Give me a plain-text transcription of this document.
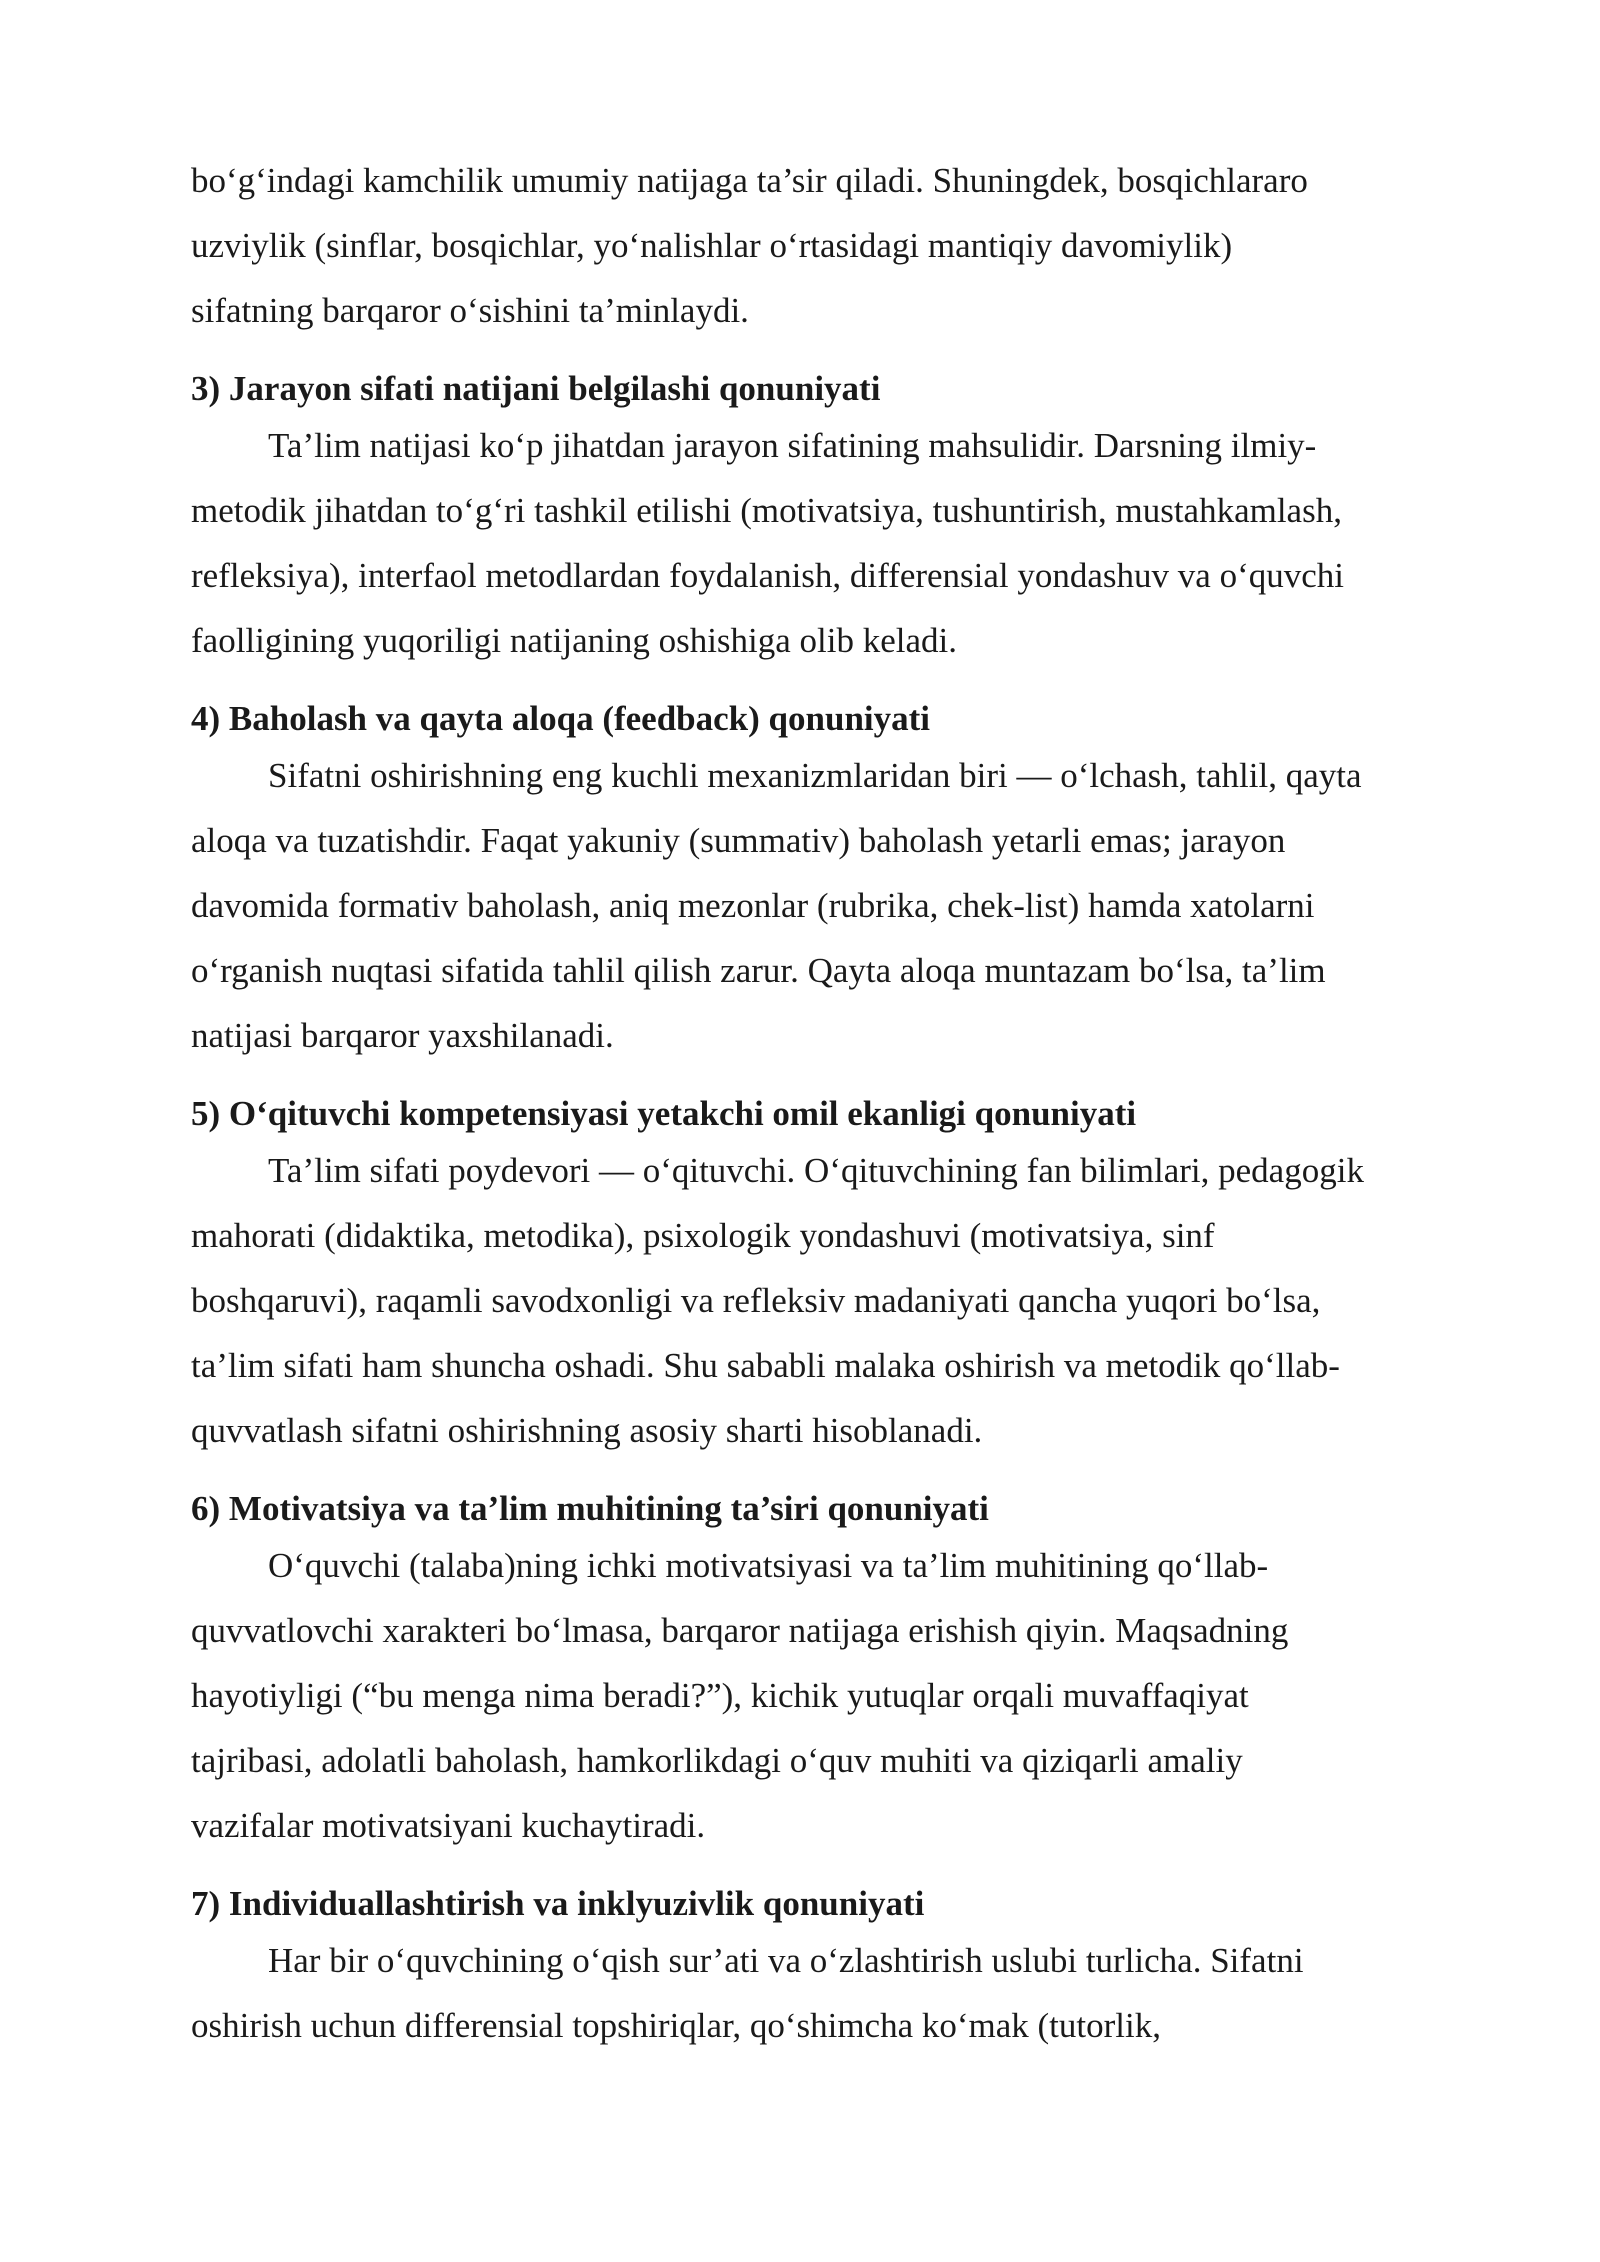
bo‘g‘indagi kamchilik umumiy natijaga ta’sir qiladi. Shuningdek, bosqichlararo
uzviylik (sinflar, bosqichlar, yo‘nalishlar o‘rtasidagi mantiqiy davomiylik)
sifatning barqaror o‘sishini ta’minlaydi.

3) Jarayon sifati natijani belgilashi qonuniyati

Ta’lim natijasi ko‘p jihatdan jarayon sifatining mahsulidir. Darsning ilmiy-
metodik jihatdan to‘g‘ri tashkil etilishi (motivatsiya, tushuntirish, mustahkamlash,
refleksiya), interfaol metodlardan foydalanish, differensial yondashuv va o‘quvchi
faolligining yuqoriligi natijaning oshishiga olib keladi.

4) Baholash va qayta aloqa (feedback) qonuniyati

Sifatni oshirishning eng kuchli mexanizmlaridan biri — o‘lchash, tahlil, qayta
aloqa va tuzatishdir. Faqat yakuniy (summativ) baholash yetarli emas; jarayon
davomida formativ baholash, aniq mezonlar (rubrika, chek-list) hamda xatolarni
o‘rganish nuqtasi sifatida tahlil qilish zarur. Qayta aloqa muntazam bo‘lsa, ta’lim
natijasi barqaror yaxshilanadi.

5) O‘qituvchi kompetensiyasi yetakchi omil ekanligi qonuniyati

Ta’lim sifati poydevori — o‘qituvchi. O‘qituvchining fan bilimlari, pedagogik
mahorati (didaktika, metodika), psixologik yondashuvi (motivatsiya, sinf
boshqaruvi), raqamli savodxonligi va refleksiv madaniyati qancha yuqori bo‘lsa,
ta’lim sifati ham shuncha oshadi. Shu sababli malaka oshirish va metodik qo‘llab-
quvvatlash sifatni oshirishning asosiy sharti hisoblanadi.

6) Motivatsiya va ta’lim muhitining ta’siri qonuniyati

O‘quvchi (talaba)ning ichki motivatsiyasi va ta’lim muhitining qo‘llab-
quvvatlovchi xarakteri bo‘lmasa, barqaror natijaga erishish qiyin. Maqsadning
hayotiyligi (“bu menga nima beradi?”), kichik yutuqlar orqali muvaffaqiyat
tajribasi, adolatli baholash, hamkorlikdagi o‘quv muhiti va qiziqarli amaliy
vazifalar motivatsiyani kuchaytiradi.

7) Individuallashtirish va inklyuzivlik qonuniyati

Har bir o‘quvchining o‘qish sur’ati va o‘zlashtirish uslubi turlicha. Sifatni
oshirish uchun differensial topshiriqlar, qo‘shimcha ko‘mak (tutorlik,
